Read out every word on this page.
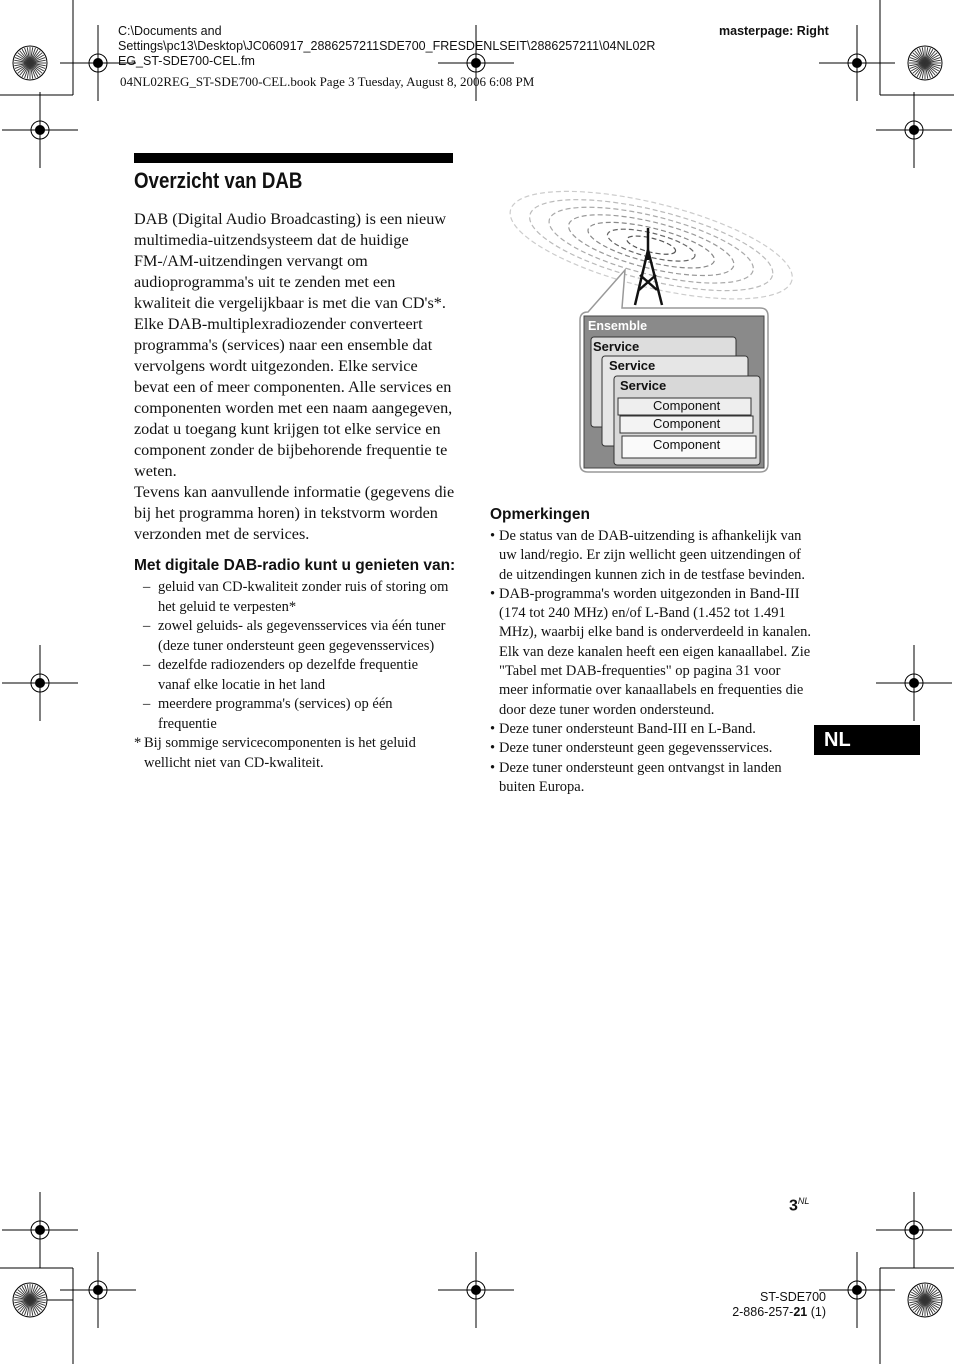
C:\Documents and
Settings\pc13\Desktop\JC060917_2886257211SDE700_FRESDENLSEIT\2886257211\04NL02R
EG_ST-SDE700-CEL.fm
masterpage: Right
04NL02REG_ST-SDE700-CEL.book Page 3 Tuesday, August 8, 2006 6:08 PM
Overzicht van DAB

DAB (Digital Audio Broadcasting) is een nieuw multimedia-uitzendsysteem dat de huidige FM-/AM-uitzendingen vervangt om audioprogramma's uit te zenden met een kwaliteit die vergelijkbaar is met die van CD's*.

Elke DAB-multiplexradiozender converteert programma's (services) naar een ensemble dat vervolgens wordt uitgezonden. Elke service bevat een of meer componenten. Alle services en componenten worden met een naam aangegeven, zodat u toegang kunt krijgen tot elke service en component zonder de bijbehorende frequentie te weten.

Tevens kan aanvullende informatie (gegevens die bij het programma horen) in tekstvorm worden verzonden met de services.

Met digitale DAB-radio kunt u genieten van:
– geluid van CD-kwaliteit zonder ruis of storing om het geluid te verpesten*
– zowel geluids- als gegevensservices via één tuner (deze tuner ondersteunt geen gegevensservices)
– dezelfde radiozenders op dezelfde frequentie vanaf elke locatie in het land
– meerdere programma's (services) op één frequentie
* Bij sommige servicecomponenten is het geluid wellicht niet van CD-kwaliteit.
Ensemble
Service
Service
Service
Component
Component
Component
Opmerkingen
• De status van de DAB-uitzending is afhankelijk van uw land/regio. Er zijn wellicht geen uitzendingen of de uitzendingen kunnen zich in de testfase bevinden.
• DAB-programma's worden uitgezonden in Band-III (174 tot 240 MHz) en/of L-Band (1.452 tot 1.491 MHz), waarbij elke band is onderverdeeld in kanalen. Elk van deze kanalen heeft een eigen kanaallabel. Zie "Tabel met DAB-frequenties" op pagina 31 voor meer informatie over kanaallabels en frequenties die door deze tuner worden ondersteund.
• Deze tuner ondersteunt Band-III en L-Band.
• Deze tuner ondersteunt geen gegevensservices.
• Deze tuner ondersteunt geen ontvangst in landen buiten Europa.
NL
$3^{NL}$
ST-SDE700
2-886-257-21 (1)
